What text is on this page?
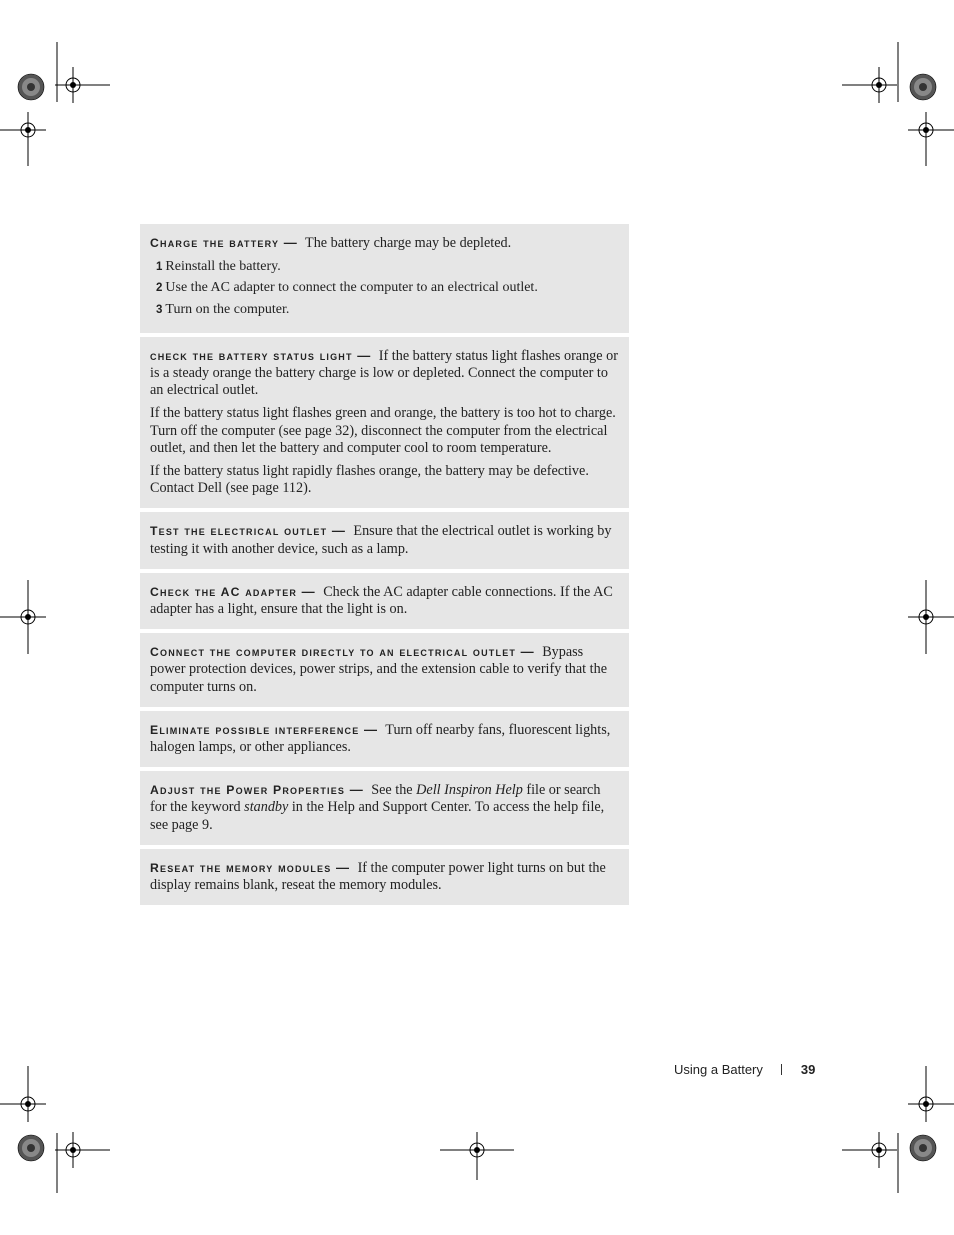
Charge the battery — The battery charge may be depleted.

1 Reinstall the battery.
2 Use the AC adapter to connect the computer to an electrical outlet.
3 Turn on the computer.

check the battery status light — If the battery status light flashes orange or is a steady orange the battery charge is low or depleted. Connect the computer to an electrical outlet.

If the battery status light flashes green and orange, the battery is too hot to charge. Turn off the computer (see page 32), disconnect the computer from the electrical outlet, and then let the battery and computer cool to room temperature.

If the battery status light rapidly flashes orange, the battery may be defective. Contact Dell (see page 112).

Test the electrical outlet — Ensure that the electrical outlet is working by testing it with another device, such as a lamp.

Check the AC adapter — Check the AC adapter cable connections. If the AC adapter has a light, ensure that the light is on.

Connect the computer directly to an electrical outlet — Bypass power protection devices, power strips, and the extension cable to verify that the computer turns on.

Eliminate possible interference — Turn off nearby fans, fluorescent lights, halogen lamps, or other appliances.

Adjust the Power Properties — See the Dell Inspiron Help file or search for the keyword standby in the Help and Support Center. To access the help file, see page 9.

Reseat the memory modules — If the computer power light turns on but the display remains blank, reseat the memory modules.

Using a Battery	39
